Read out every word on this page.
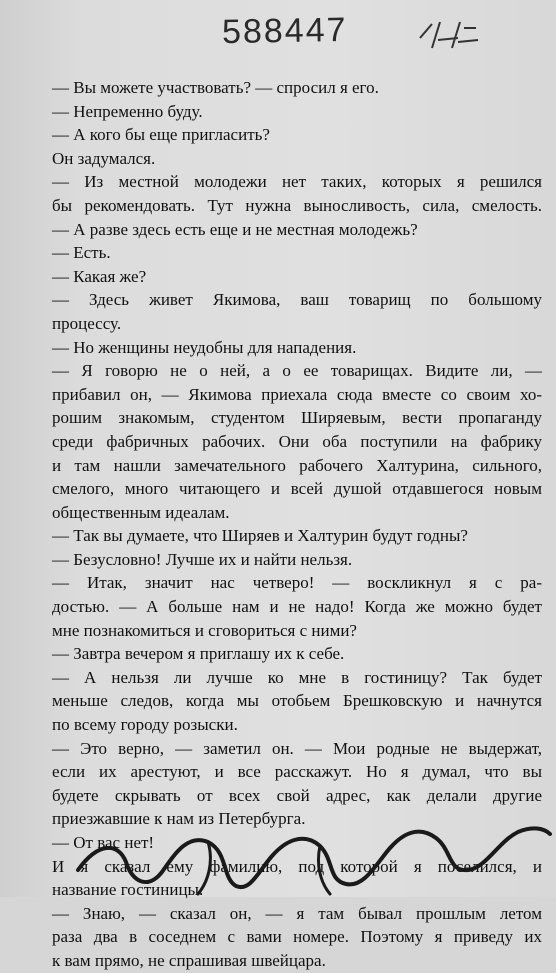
588447
— Вы можете участвовать? — спросил я его.
— Непременно буду.
— А кого бы еще пригласить?
Он задумался.
— Из местной молодежи нет таких, которых я решился
бы рекомендовать. Тут нужна выносливость, сила, смелость.
— А разве здесь есть еще и не местная молодежь?
— Есть.
— Какая же?
— Здесь живет Якимова, ваш товарищ по большому
процессу.
— Но женщины неудобны для нападения.
— Я говорю не о ней, а о ее товарищах. Видите ли, —
прибавил он, — Якимова приехала сюда вместе со своим хо-
рошим знакомым, студентом Ширяевым, вести пропаганду
среди фабричных рабочих. Они оба поступили на фабрику
и там нашли замечательного рабочего Халтурина, сильного,
смелого, много читающего и всей душой отдавшегося новым
общественным идеалам.
— Так вы думаете, что Ширяев и Халтурин будут годны?
— Безусловно! Лучше их и найти нельзя.
— Итак, значит нас четверо! — воскликнул я с ра-
достью. — А больше нам и не надо! Когда же можно будет
мне познакомиться и сговориться с ними?
— Завтра вечером я приглашу их к себе.
— А нельзя ли лучше ко мне в гостиницу? Так будет
меньше следов, когда мы отобьем Брешковскую и начнутся
по всему городу розыски.
— Это верно, — заметил он. — Мои родные не выдержат,
если их арестуют, и все расскажут. Но я думал, что вы
будете скрывать от всех свой адрес, как делали другие
приезжавшие к нам из Петербурга.
— От вас нет!
И я сказал ему фамилию, под которой я поселился, и
название гостиницы.
— Знаю, — сказал он, — я там бывал прошлым летом
раза два в соседнем с вами номере. Поэтому я приведу их
к вам прямо, не спрашивая швейцара.
